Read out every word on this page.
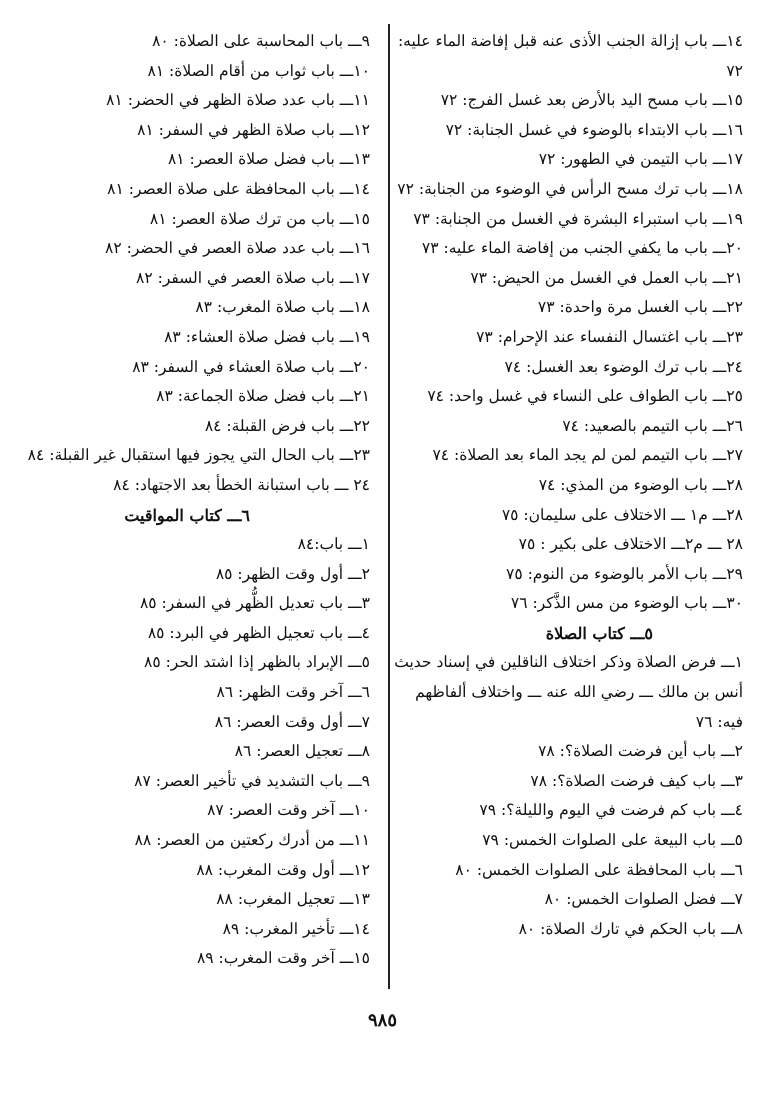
١٤ـــ باب إزالة الجنب الأذى عنه قبل إفاضة الماء عليه: ٧٢
١٥ـــ باب مسح اليد بالأرض بعد غسل الفرج: ٧٢
١٦ـــ باب الابتداء بالوضوء في غسل الجنابة: ٧٢
١٧ـــ باب التيمن في الطهور: ٧٢
١٨ـــ باب ترك مسح الرأس في الوضوء من الجنابة: ٧٢
١٩ـــ باب استبراء البشرة في الغسل من الجنابة: ٧٣
٢٠ـــ باب ما يكفي الجنب من إفاضة الماء عليه: ٧٣
٢١ـــ باب العمل في الغسل من الحيض: ٧٣
٢٢ـــ باب الغسل مرة واحدة: ٧٣
٢٣ـــ باب اغتسال النفساء عند الإحرام: ٧٣
٢٤ـــ باب ترك الوضوء بعد الغسل: ٧٤
٢٥ـــ باب الطواف على النساء في غسل واحد: ٧٤
٢٦ـــ باب التيمم بالصعيد: ٧٤
٢٧ـــ باب التيمم لمن لم يجد الماء بعد الصلاة: ٧٤
٢٨ـــ باب الوضوء من المذي: ٧٤
٢٨ـــ م١ ـــ الاختلاف على سليمان: ٧٥
٢٨ ـــ م٢ـــ الاختلاف على بكير : ٧٥
٢٩ـــ باب الأمر بالوضوء من النوم: ٧٥
٣٠ـــ باب الوضوء من مس الذَّكر: ٧٦
٥ـــ كتاب الصلاة
١ـــ فرض الصلاة وذكر اختلاف الناقلين في إسناد حديث أنس بن مالك ـــ رضي الله عنه ـــ واختلاف ألفاظهم فيه: ٧٦
٢ـــ باب أين فرضت الصلاة؟: ٧٨
٣ـــ باب كيف فرضت الصلاة؟: ٧٨
٤ـــ باب كم فرضت في اليوم والليلة؟: ٧٩
٥ـــ باب البيعة على الصلوات الخمس: ٧٩
٦ـــ باب المحافظة على الصلوات الخمس: ٨٠
٧ـــ فضل الصلوات الخمس: ٨٠
٨ـــ باب الحكم في تارك الصلاة: ٨٠
٩ـــ باب المحاسبة على الصلاة: ٨٠
١٠ـــ باب ثواب من أقام الصلاة: ٨١
١١ـــ باب عدد صلاة الظهر في الحضر: ٨١
١٢ـــ باب صلاة الظهر في السفر: ٨١
١٣ـــ باب فضل صلاة العصر: ٨١
١٤ـــ باب المحافظة على صلاة العصر: ٨١
١٥ـــ باب من ترك صلاة العصر: ٨١
١٦ـــ باب عدد صلاة العصر في الحضر: ٨٢
١٧ـــ باب صلاة العصر في السفر: ٨٢
١٨ـــ باب صلاة المغرب: ٨٣
١٩ـــ باب فضل صلاة العشاء: ٨٣
٢٠ـــ باب صلاة العشاء في السفر: ٨٣
٢١ـــ باب فضل صلاة الجماعة: ٨٣
٢٢ـــ باب فرض القبلة: ٨٤
٢٣ـــ باب الحال التي يجوز فيها استقبال غير القبلة: ٨٤
٢٤ ـــ باب استبانة الخطأ بعد الاجتهاد: ٨٤
٦ـــ كتاب المواقيت
١ـــ باب:٨٤
٢ـــ أول وقت الظهر: ٨٥
٣ـــ باب تعديل الظُّهر في السفر: ٨٥
٤ـــ باب تعجيل الظهر في البرد: ٨٥
٥ـــ الإبراد بالظهر إذا اشتد الحر: ٨٥
٦ـــ آخر وقت الظهر: ٨٦
٧ـــ أول وقت العصر: ٨٦
٨ـــ تعجيل العصر: ٨٦
٩ـــ باب التشديد في تأخير العصر: ٨٧
١٠ـــ آخر وقت العصر: ٨٧
١١ـــ من أدرك ركعتين من العصر: ٨٨
١٢ـــ أول وقت المغرب: ٨٨
١٣ـــ تعجيل المغرب: ٨٨
١٤ـــ تأخير المغرب: ٨٩
١٥ـــ آخر وقت المغرب: ٨٩
٩٨٥
